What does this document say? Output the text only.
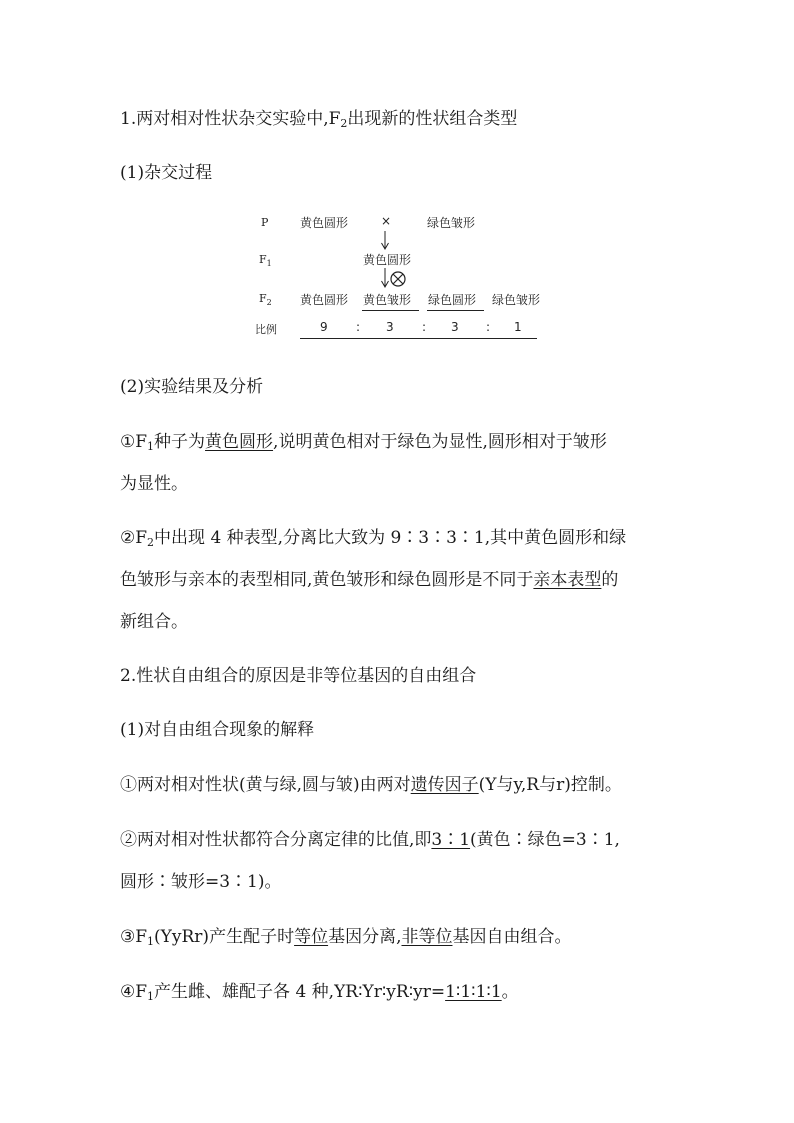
1.两对相对性状杂交实验中$,F_2$出现新的性状组合类型
(1)杂交过程
P
$F_1$
$F_2$
比例
黄色圆形	×	绿色皱形
黄色圆形
黄色圆形 黄色皱形 绿色圆形 绿色皱形
9 : 3 : 3 : 1
(2)实验结果及分析
$①F_1$种子为黄色圆形,说明黄色相对于绿色为显性,圆形相对于皱形
为显性。
$②F_2$中出现 4 种表型,分离比大致为 9∶3∶3∶1,其中黄色圆形和绿
色皱形与亲本的表型相同,黄色皱形和绿色圆形是不同于亲本表型的
新组合。
2.性状自由组合的原因是非等位基因的自由组合
(1)对自由组合现象的解释
①两对相对性状(黄与绿,圆与皱)由两对遗传因子(Y与y,R与r)控制。
②两对相对性状都符合分离定律的比值,即3∶1(黄色∶绿色=3∶1,
圆形∶皱形=3∶1)。
$③F_1(YyRr)$产生配子时等位基因分离,非等位基因自由组合。
$④F_1$产生雌、雄配子各 4 种,YR∶Yr∶yR∶yr=1∶1∶1∶1。
